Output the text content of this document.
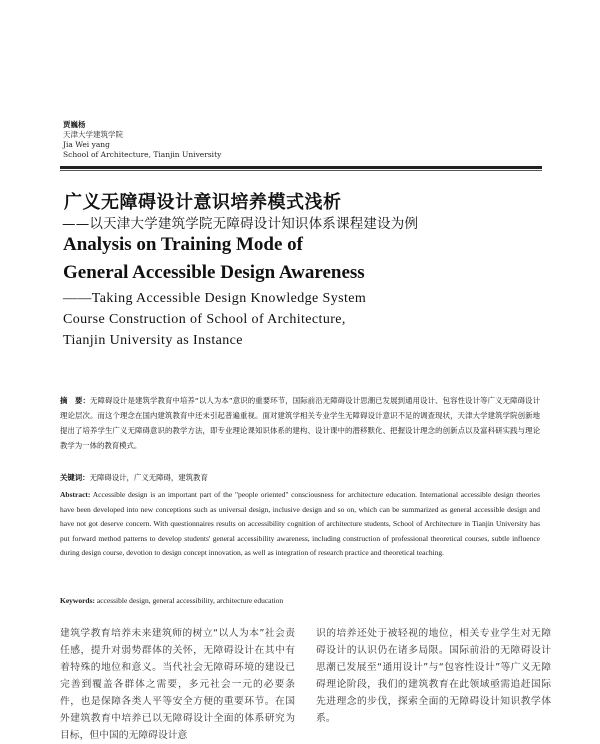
贾巍杨
天津大学建筑学院
Jia Wei yang
School of Architecture, Tianjin University
广义无障碍设计意识培养模式浅析
——以天津大学建筑学院无障碍设计知识体系课程建设为例
Analysis on Training Mode of
General Accessible Design Awareness
——Taking Accessible Design Knowledge System
Course Construction of School of Architecture,
Tianjin University as Instance
摘　要：无障碍设计是建筑学教育中培养“以人为本”意识的重要环节，国际前沿无障碍设计思潮已发展到通用设计、包容性设计等广义无障碍设计理论层次。而这个理念在国内建筑教育中还未引起普遍重视。面对建筑学相关专业学生无障碍设计意识不足的调查现状，天津大学建筑学院创新地提出了培养学生广义无障碍意识的教学方法，即专业理论课知识体系的建构、设计课中的潜移默化、把握设计理念的创新点以及富科研实践与理论教学为一体的教育模式。
关键词：无障碍设计，广义无障碍，建筑教育
Abstract: Accessible design is an important part of the "people oriented" consciousness for architecture education. International accessible design theories have been developed into new conceptions such as universal design, inclusive design and so on, which can be summarized as general accessible design and have not got deserve concern. With questionnaires results on accessibility cognition of architecture students, School of Architecture in Tianjin University has put forward method patterns to develop students' general accessibility awareness, including construction of professional theoretical courses, subtle influence during design course, devotion to design concept innovation, as well as integration of research practice and theoretical teaching.
Keywords: accessible design, general accessibility, architecture education
建筑学教育培养未来建筑师的树立“以人为本”社会责任感，提升对弱势群体的关怀，无障碍设计在其中有着特殊的地位和意义。当代社会无障碍环境的建设已完善到覆盖各群体之需要，多元社会一元的必要条件，也是保障各类人平等安全方便的重要环节。在国外建筑教育中培养已以无障碍设计全面的体系研究为目标，但中国的无障碍设计意
识的培养还处于被轻视的地位，相关专业学生对无障碍设计的认识仍在诸多局限。国际前沿的无障碍设计思潮已发展至“通用设计”与“包容性设计”等广义无障碍理论阶段，我们的建筑教育在此领域亟需追赶国际先进理念的步伐，探索全面的无障碍设计知识教学体系。
